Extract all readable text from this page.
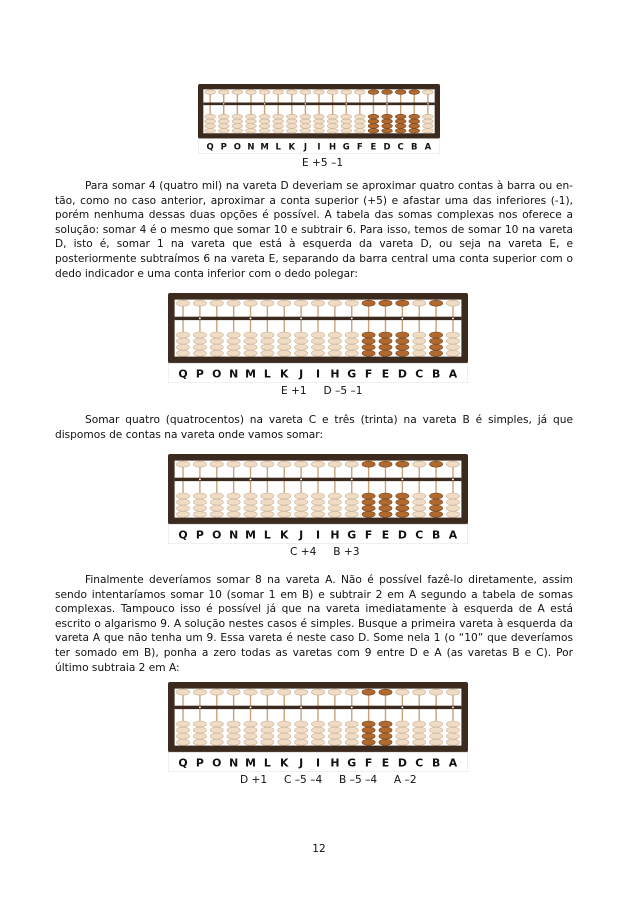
Q P O N M L K J I H G F E D C B A
E +5 –1

Para somar 4 (quatro mil) na vareta D deveriam se aproximar quatro contas à barra ou en-tão, como no caso anterior, aproximar a conta superior (+5) e afastar uma das inferiores (-1), porém nenhuma dessas duas opções é possível. A tabela das somas complexas nos oferece a solução: somar 4 é o mesmo que somar 10 e subtrair 6. Para isso, temos de somar 10 na vareta D, isto é, somar 1 na vareta que está à esquerda da vareta D, ou seja na vareta E, e posteriormente subtraímos 6 na vareta E, separando da barra central uma conta superior com o dedo indicador e uma conta inferior com o dedo polegar:

Q P O N M L K J I H G F E D C B A
E +1     D –5 –1

Somar quatro (quatrocentos) na vareta C e três (trinta) na vareta B é simples, já que dispomos de contas na vareta onde vamos somar:

Q P O N M L K J I H G F E D C B A
C +4     B +3

Finalmente deveríamos somar 8 na vareta A. Não é possível fazê-lo diretamente, assim sendo intentaríamos somar 10 (somar 1 em B) e subtrair 2 em A segundo a tabela de somas complexas. Tampouco isso é possível já que na vareta imediatamente à esquerda de A está escrito o algarismo 9. A solução nestes casos é simples. Busque a primeira vareta à esquerda da vareta A que não tenha um 9. Essa vareta é neste caso D. Some nela 1 (o “10” que deveríamos ter somado em B), ponha a zero todas as varetas com 9 entre D e A (as varetas B e C). Por último subtraia 2 em A:

Q P O N M L K J I H G F E D C B A
D +1     C –5 –4     B –5 –4     A –2
12
